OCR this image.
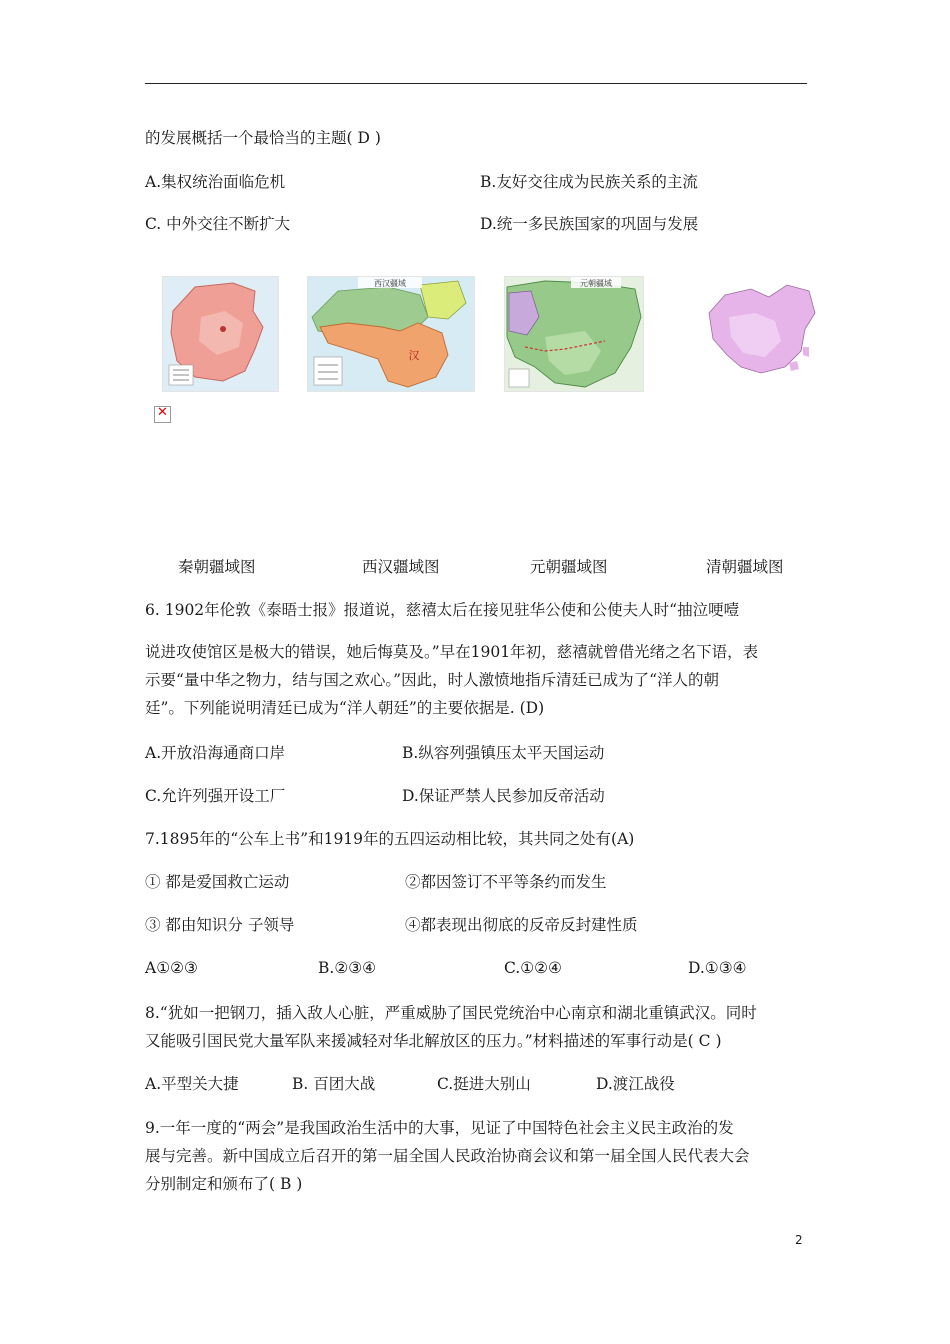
的发展概括一个最恰当的主题( D )
A.集权统治面临危机	B.友好交往成为民族关系的主流
C. 中外交往不断扩大	D.统一多民族国家的巩固与发展
西汉疆域
汉
元朝疆域
✕
秦朝疆域图	西汉疆域图	元朝疆域图	清朝疆域图
6. 1902年伦敦《泰晤士报》报道说，慈禧太后在接见驻华公使和公使夫人时“抽泣哽噎
说进攻使馆区是极大的错误，她后悔莫及。”早在1901年初，慈禧就曾借光绪之名下语，表
示要“量中华之物力，结与国之欢心。”因此，时人激愤地指斥清廷已成为了“洋人的朝
廷”。下列能说明清廷已成为“洋人朝廷”的主要依据是. (D)
A.开放沿海通商口岸	B.纵容列强镇压太平天国运动
C.允许列强开设工厂	D.保证严禁人民参加反帝活动
7.1895年的“公车上书”和1919年的五四运动相比较，其共同之处有(A)
① 都是爱国救亡运动	②都因签订不平等条约而发生
③ 都由知识分 子领导	④都表现出彻底的反帝反封建性质
A①②③	B.②③④	C.①②④	D.①③④
8.“犹如一把钢刀，插入敌人心脏，严重威胁了国民党统治中心南京和湖北重镇武汉。同时
又能吸引国民党大量军队来援减轻对华北解放区的压力。”材料描述的军事行动是( C )
A.平型关大捷	B. 百团大战	C.挺进大别山	D.渡江战役
9.一年一度的“两会”是我国政治生活中的大事，见证了中国特色社会主义民主政治的发
展与完善。新中国成立后召开的第一届全国人民政治协商会议和第一届全国人民代表大会
分别制定和颁布了( B )
2
